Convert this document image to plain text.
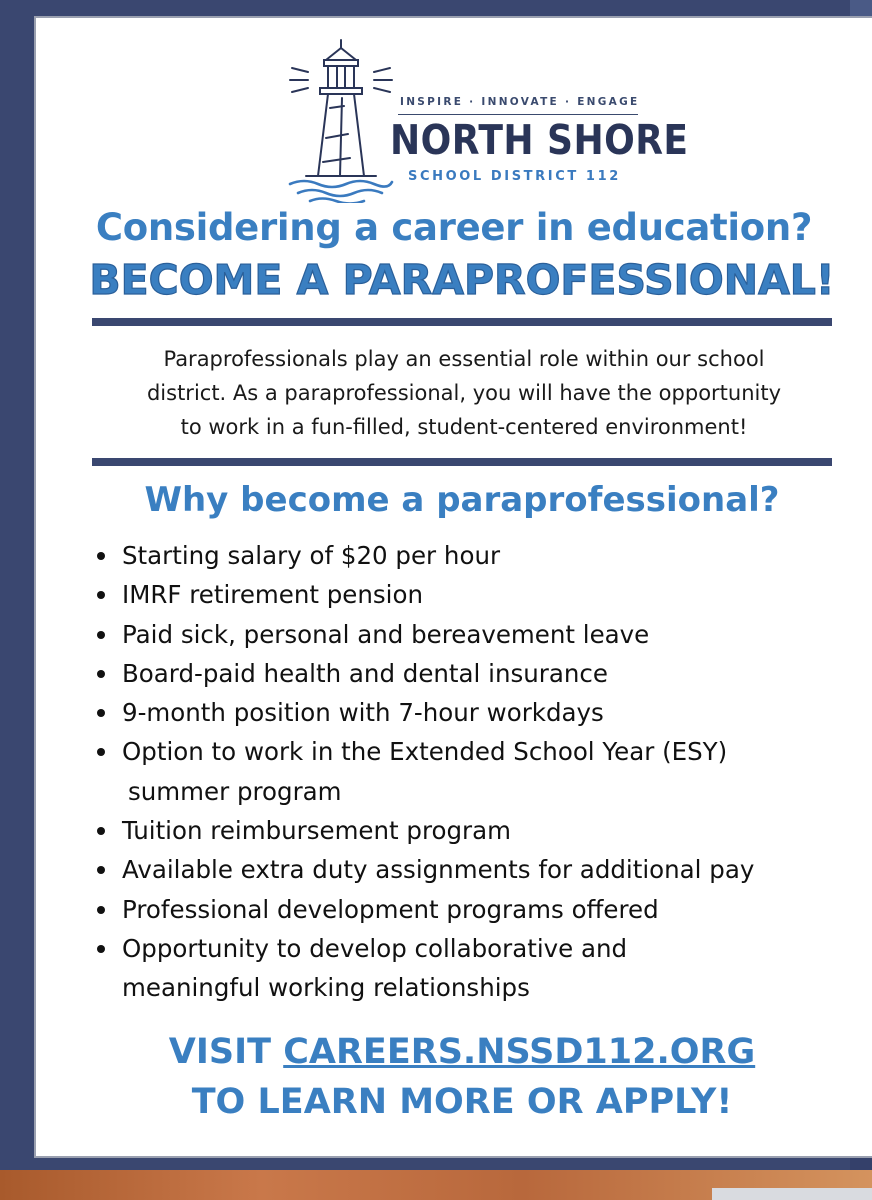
INSPIRE · INNOVATE · ENGAGE
NORTH SHORE
SCHOOL DISTRICT 112
Considering a career in education?
BECOME A PARAPROFESSIONAL!
Paraprofessionals play an essential role within our school
district. As a paraprofessional, you will have the opportunity
to work in a fun-filled, student-centered environment!
Why become a paraprofessional?
Starting salary of $20 per hour
IMRF retirement pension
Paid sick, personal and bereavement leave
Board-paid health and dental insurance
9-month position with 7-hour workdays
Option to work in the Extended School Year (ESY)
summer program
Tuition reimbursement program
Available extra duty assignments for additional pay
Professional development programs offered
Opportunity to develop collaborative and
meaningful working relationships
VISIT CAREERS.NSSD112.ORG
TO LEARN MORE OR APPLY!
